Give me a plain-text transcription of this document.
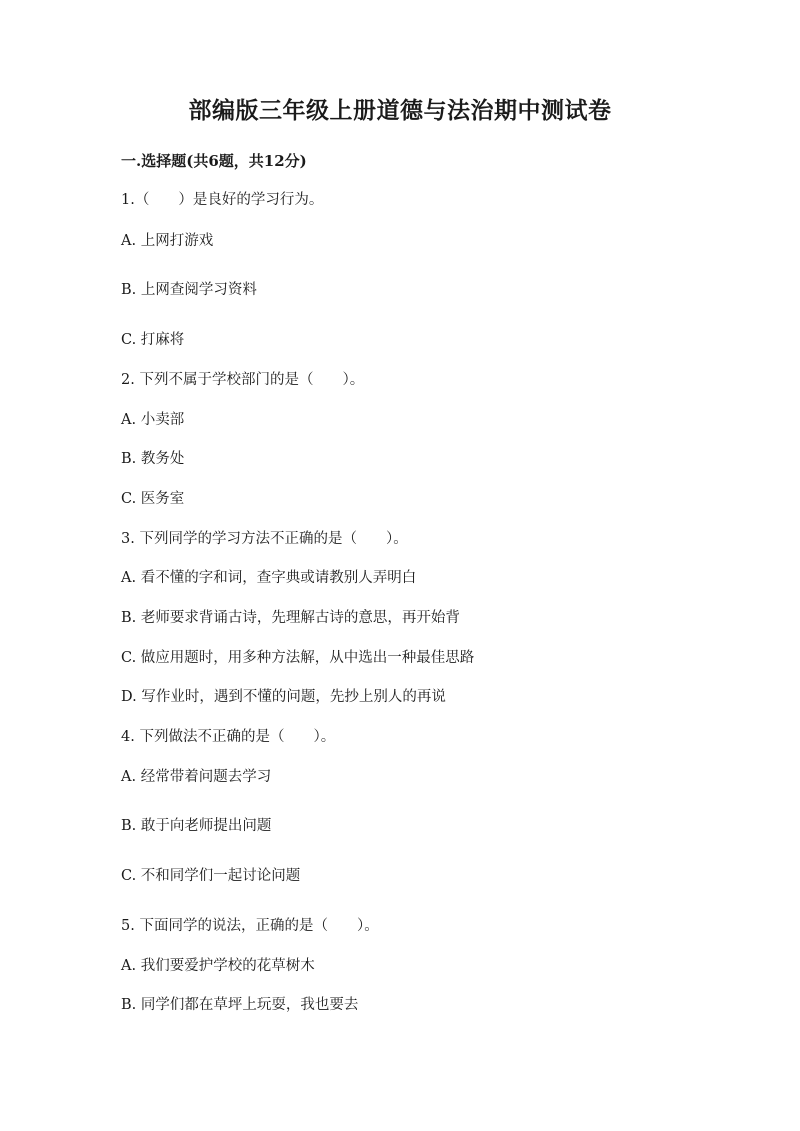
部编版三年级上册道德与法治期中测试卷
一.选择题(共6题，共12分)
1.（　　）是良好的学习行为。
A. 上网打游戏
B. 上网查阅学习资料
C. 打麻将
2. 下列不属于学校部门的是（　　）。
A. 小卖部
B. 教务处
C. 医务室
3. 下列同学的学习方法不正确的是（　　）。
A. 看不懂的字和词，查字典或请教别人弄明白
B. 老师要求背诵古诗，先理解古诗的意思，再开始背
C. 做应用题时，用多种方法解，从中选出一种最佳思路
D. 写作业时，遇到不懂的问题，先抄上别人的再说
4. 下列做法不正确的是（　　）。
A. 经常带着问题去学习
B. 敢于向老师提出问题
C. 不和同学们一起讨论问题
5. 下面同学的说法，正确的是（　　）。
A. 我们要爱护学校的花草树木
B. 同学们都在草坪上玩耍，我也要去
